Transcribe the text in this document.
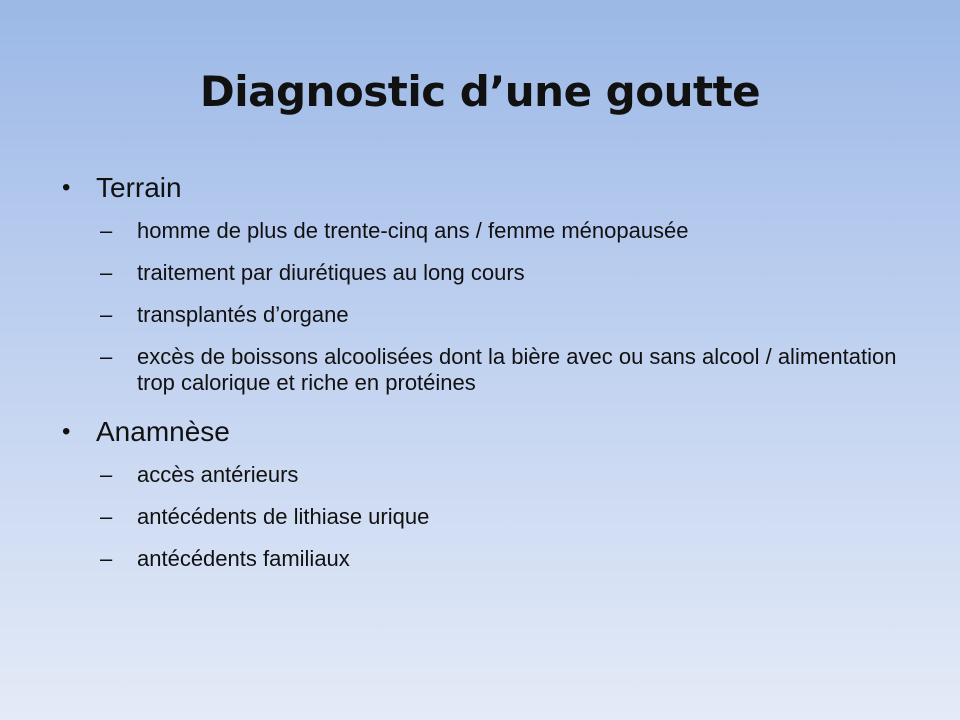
Diagnostic d’une goutte
• Terrain
– homme de plus de trente-cinq ans / femme ménopausée
– traitement par diurétiques au long cours
– transplantés d’organe
– excès de boissons alcoolisées dont la bière avec ou sans alcool / alimentation trop calorique et riche en protéines
• Anamnèse
– accès antérieurs
– antécédents de lithiase urique
– antécédents familiaux
